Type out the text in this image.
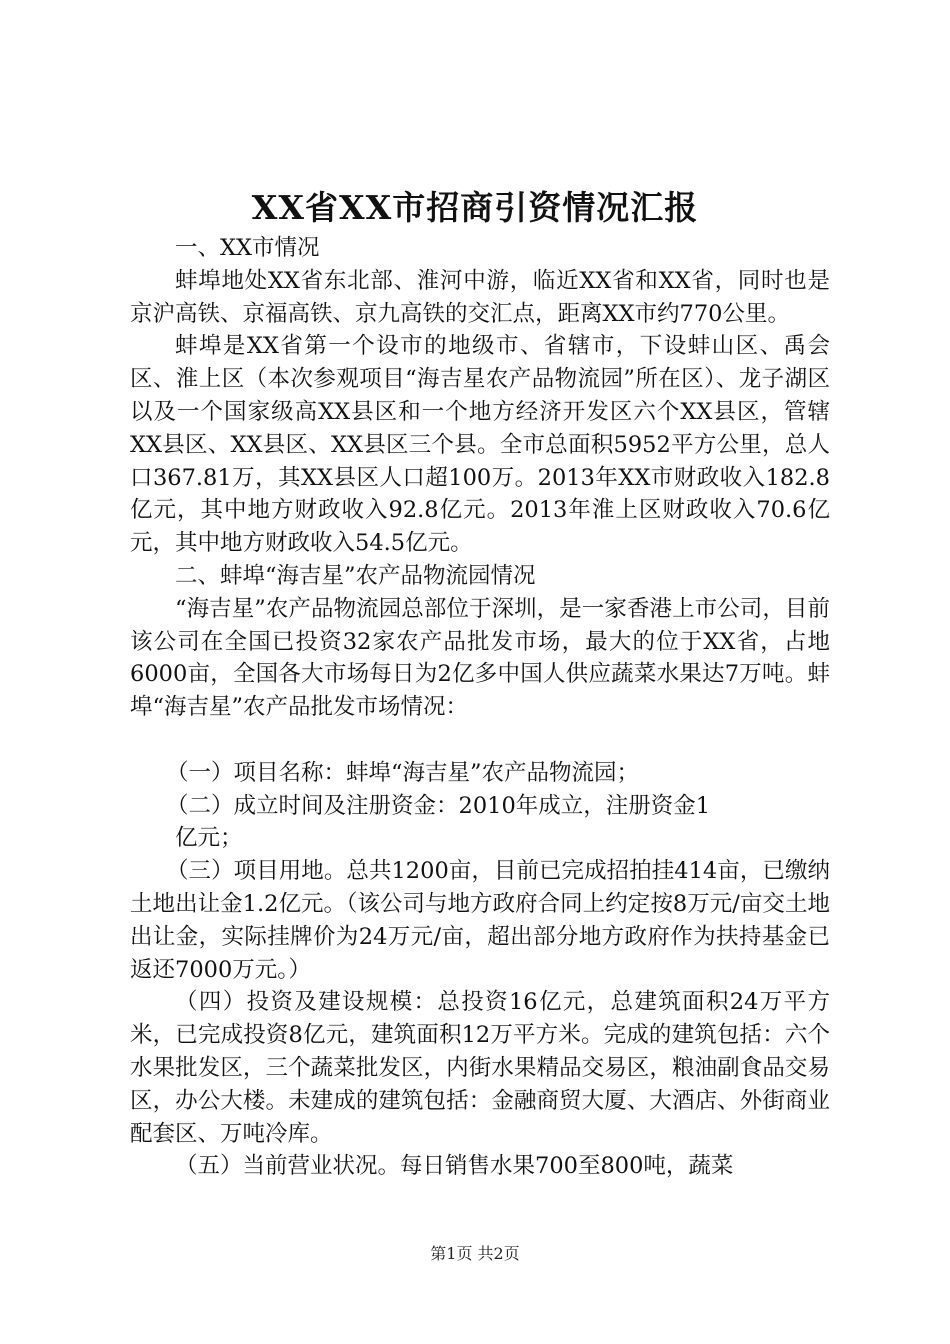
XX省XX市招商引资情况汇报

一、XX市情况

蚌埠地处XX省东北部、淮河中游，临近XX省和XX省，同时也是京沪高铁、京福高铁、京九高铁的交汇点，距离XX市约770公里。

蚌埠是XX省第一个设市的地级市、省辖市，下设蚌山区、禹会区、淮上区（本次参观项目“海吉星农产品物流园”所在区）、龙子湖区以及一个国家级高XX县区和一个地方经济开发区六个XX县区，管辖XX县区、XX县区、XX县区三个县。全市总面积5952平方公里，总人口367.81万，其XX县区人口超100万。2013年XX市财政收入182.8亿元，其中地方财政收入92.8亿元。2013年淮上区财政收入70.6亿元，其中地方财政收入54.5亿元。

二、蚌埠“海吉星”农产品物流园情况

“海吉星”农产品物流园总部位于深圳，是一家香港上市公司，目前该公司在全国已投资32家农产品批发市场，最大的位于XX省，占地6000亩，全国各大市场每日为2亿多中国人供应蔬菜水果达7万吨。蚌埠“海吉星”农产品批发市场情况：

（一）项目名称：蚌埠“海吉星”农产品物流园；

（二）成立时间及注册资金：2010年成立，注册资金1

亿元；

（三）项目用地。总共1200亩，目前已完成招拍挂414亩，已缴纳土地出让金1.2亿元。（该公司与地方政府合同上约定按8万元/亩交土地出让金，实际挂牌价为24万元/亩，超出部分地方政府作为扶持基金已返还7000万元。）

（四）投资及建设规模：总投资16亿元，总建筑面积24万平方米，已完成投资8亿元，建筑面积12万平方米。完成的建筑包括：六个水果批发区，三个蔬菜批发区，内街水果精品交易区，粮油副食品交易区，办公大楼。未建成的建筑包括：金融商贸大厦、大酒店、外街商业配套区、万吨冷库。

（五）当前营业状况。每日销售水果700至800吨，蔬菜

第1页 共2页
